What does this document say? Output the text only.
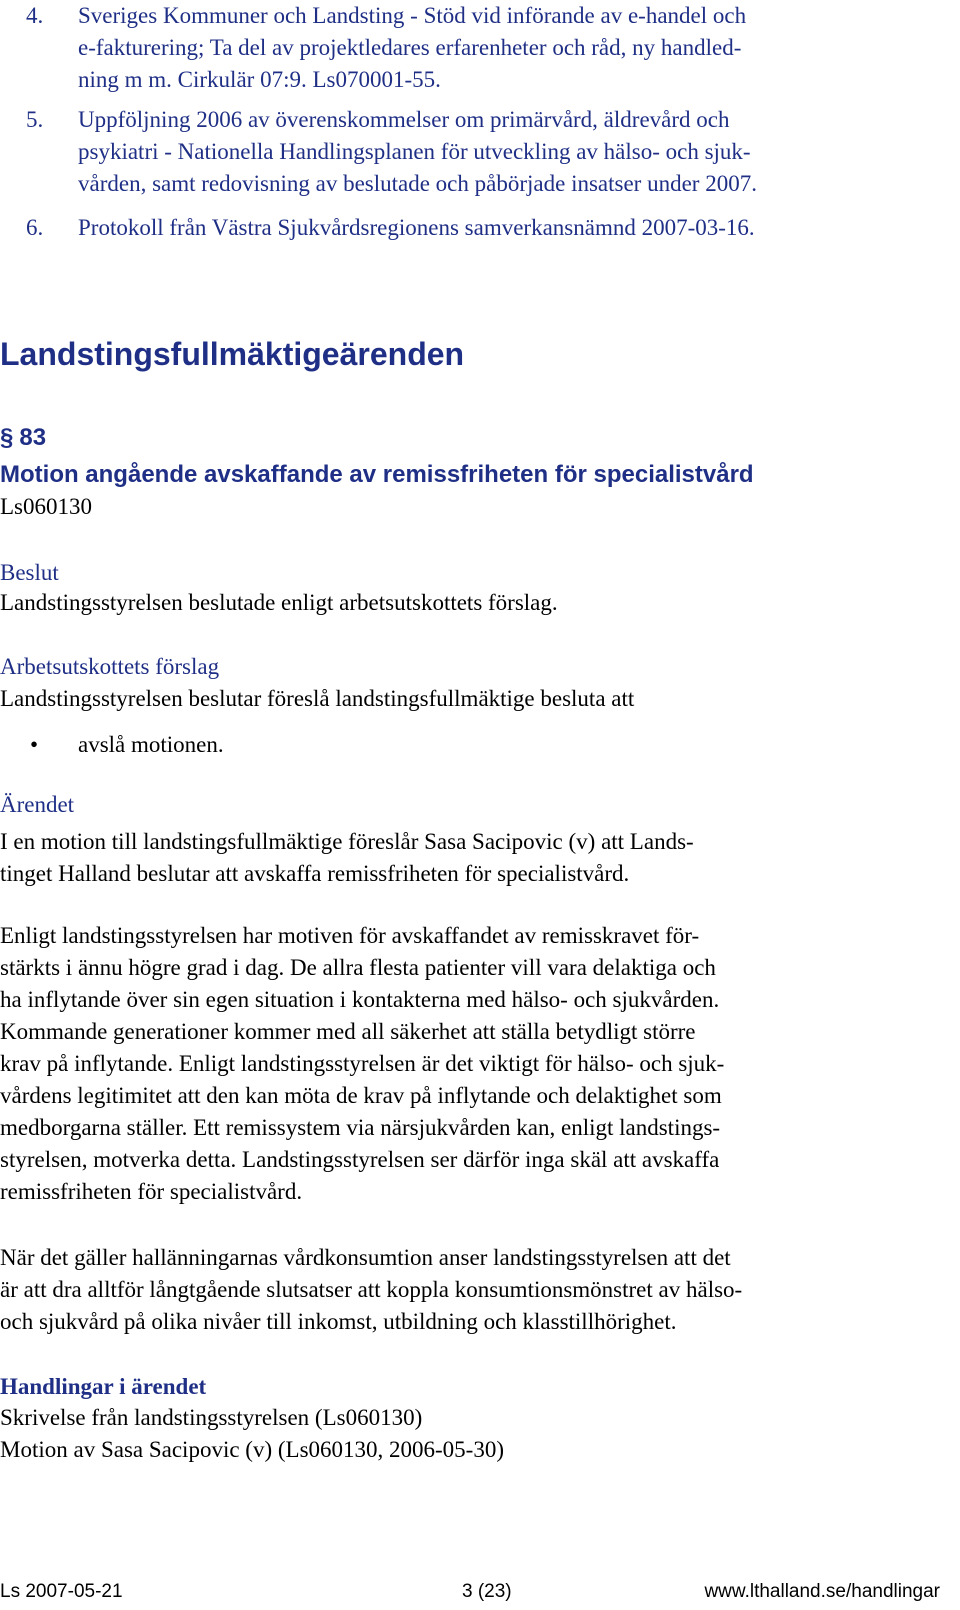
4. Sveriges Kommuner och Landsting - Stöd vid införande av e-handel och
e-fakturering; Ta del av projektledares erfarenheter och råd, ny handled-
ning m m. Cirkulär 07:9. Ls070001-55.
5. Uppföljning 2006 av överenskommelser om primärvård, äldrevård och
psykiatri - Nationella Handlingsplanen för utveckling av hälso- och sjuk-
vården, samt redovisning av beslutade och påbörjade insatser under 2007.
6. Protokoll från Västra Sjukvårdsregionens samverkansnämnd 2007-03-16.
Landstingsfullmäktigeärenden
§ 83
Motion angående avskaffande av remissfriheten för specialistvård
Ls060130
Beslut
Landstingsstyrelsen beslutade enligt arbetsutskottets förslag.
Arbetsutskottets förslag
Landstingsstyrelsen beslutar föreslå landstingsfullmäktige besluta att
• avslå motionen.
Ärendet
I en motion till landstingsfullmäktige föreslår Sasa Sacipovic (v) att Lands-
tinget Halland beslutar att avskaffa remissfriheten för specialistvård.
Enligt landstingsstyrelsen har motiven för avskaffandet av remisskravet för-
stärkts i ännu högre grad i dag. De allra flesta patienter vill vara delaktiga och
ha inflytande över sin egen situation i kontakterna med hälso- och sjukvården.
Kommande generationer kommer med all säkerhet att ställa betydligt större
krav på inflytande. Enligt landstingsstyrelsen är det viktigt för hälso- och sjuk-
vårdens legitimitet att den kan möta de krav på inflytande och delaktighet som
medborgarna ställer. Ett remissystem via närsjukvården kan, enligt landstings-
styrelsen, motverka detta. Landstingsstyrelsen ser därför inga skäl att avskaffa
remissfriheten för specialistvård.
När det gäller hallänningarnas vårdkonsumtion anser landstingsstyrelsen att det
är att dra alltför långtgående slutsatser att koppla konsumtionsmönstret av hälso-
och sjukvård på olika nivåer till inkomst, utbildning och klasstillhörighet.
Handlingar i ärendet
Skrivelse från landstingsstyrelsen (Ls060130)
Motion av Sasa Sacipovic (v) (Ls060130, 2006-05-30)
Ls 2007-05-21	3 (23)	www.lthalland.se/handlingar
